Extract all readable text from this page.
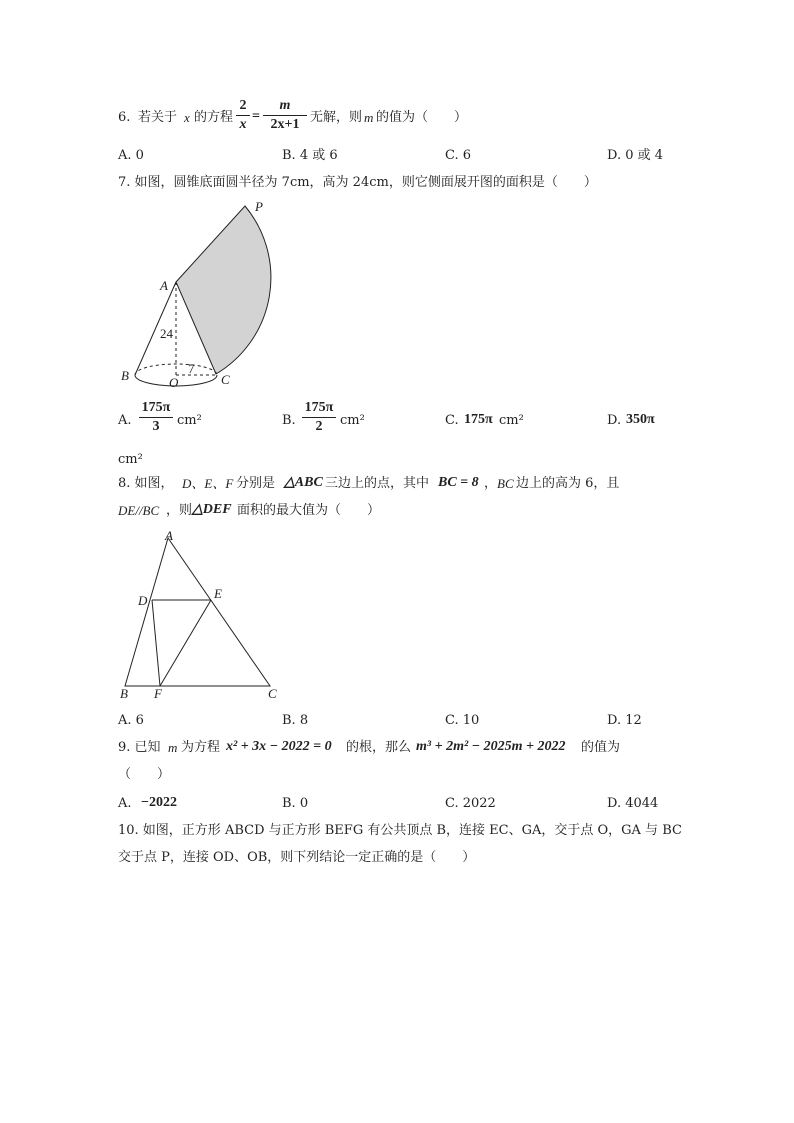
6. 若关于 x 的方程
2
x
=
m
2x+1 无解，则 m 的值为（　　）
A. 0	B. 4 或 6	C. 6	D. 0 或 4
7. 如图，圆锥底面圆半径为 7cm，高为 24cm，则它侧面展开图的面积是（　　）
P
A
B	O	C
24
7
A.
175π
3	cm²	B.
175π
2	cm²	C. 175π cm²	D. 350π
cm²
8. 如图， D、E、F 分别是 △ABC 三边上的点，其中 BC = 8 ， BC 边上的高为 6，且
DE//BC ，则 △DEF 面积的最大值为（　　）
A
D	E
B F	C
A. 6	B. 8	C. 10	D. 12
9. 已知 m 为方程 x² + 3x − 2022 = 0 的根，那么 m³ + 2m² − 2025m + 2022 的值为
（　　）
A. −2022	B. 0	C. 2022	D. 4044
10. 如图，正方形 ABCD 与正方形 BEFG 有公共顶点 B，连接 EC、GA，交于点 O，GA 与 BC
交于点 P，连接 OD、OB，则下列结论一定正确的是（　　）
